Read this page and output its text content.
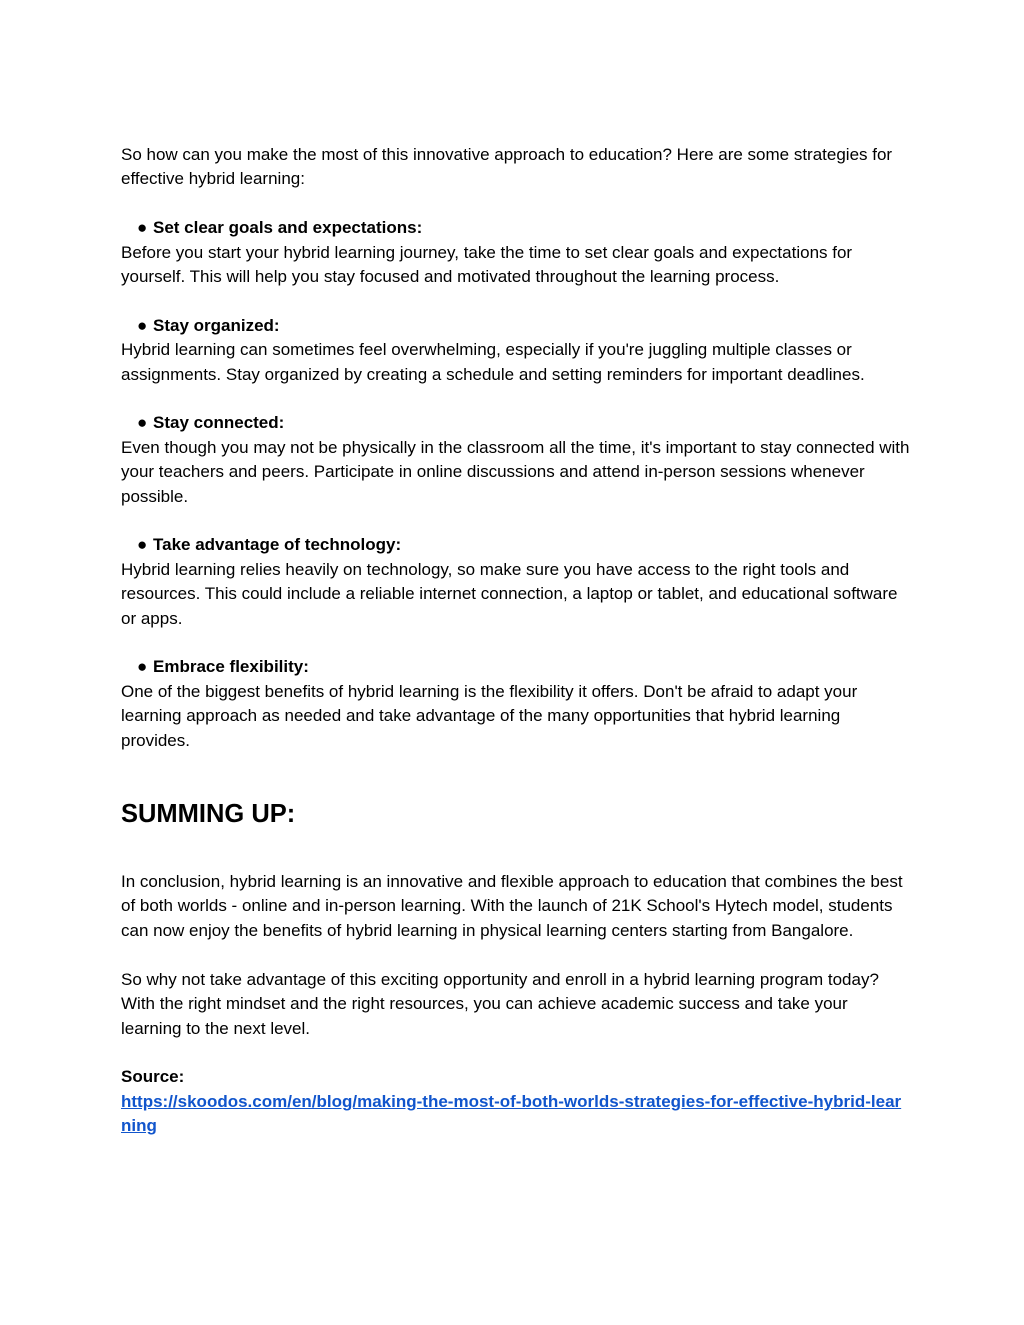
So how can you make the most of this innovative approach to education? Here are some strategies for effective hybrid learning:

● Set clear goals and expectations:

Before you start your hybrid learning journey, take the time to set clear goals and expectations for yourself. This will help you stay focused and motivated throughout the learning process.

● Stay organized:

Hybrid learning can sometimes feel overwhelming, especially if you're juggling multiple classes or assignments. Stay organized by creating a schedule and setting reminders for important deadlines.

● Stay connected:

Even though you may not be physically in the classroom all the time, it's important to stay connected with your teachers and peers. Participate in online discussions and attend in-person sessions whenever possible.

● Take advantage of technology:

Hybrid learning relies heavily on technology, so make sure you have access to the right tools and resources. This could include a reliable internet connection, a laptop or tablet, and educational software or apps.

● Embrace flexibility:

One of the biggest benefits of hybrid learning is the flexibility it offers. Don't be afraid to adapt your learning approach as needed and take advantage of the many opportunities that hybrid learning provides.

SUMMING UP:

In conclusion, hybrid learning is an innovative and flexible approach to education that combines the best of both worlds - online and in-person learning. With the launch of 21K School's Hytech model, students can now enjoy the benefits of hybrid learning in physical learning centers starting from Bangalore.

So why not take advantage of this exciting opportunity and enroll in a hybrid learning program today? With the right mindset and the right resources, you can achieve academic success and take your learning to the next level.

Source:

https://skoodos.com/en/blog/making-the-most-of-both-worlds-strategies-for-effective-hybrid-learning
